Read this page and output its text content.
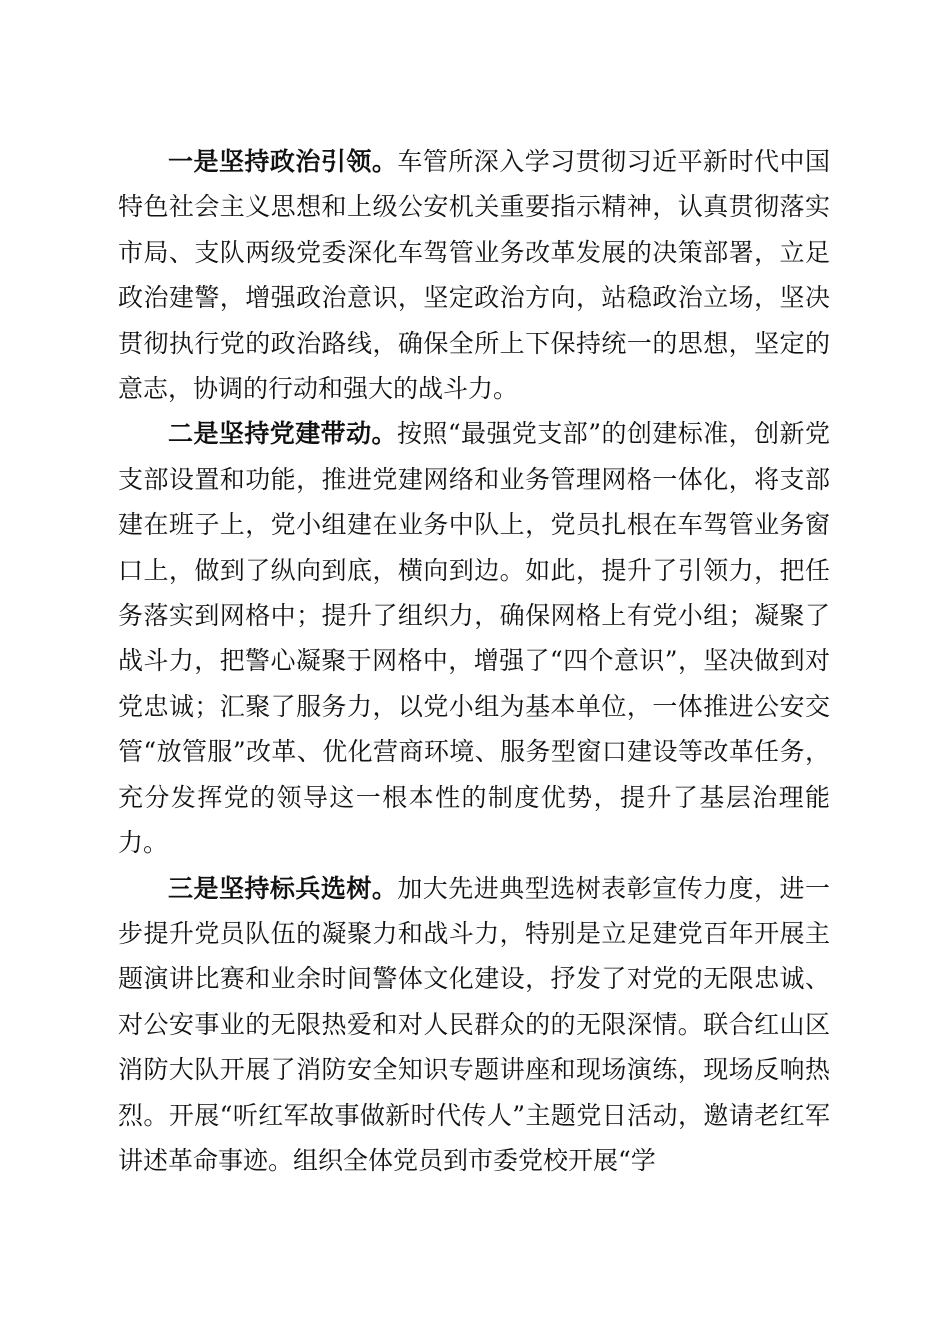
一是坚持政治引领。车管所深入学习贯彻习近平新时代中国特色社会主义思想和上级公安机关重要指示精神，认真贯彻落实市局、支队两级党委深化车驾管业务改革发展的决策部署，立足政治建警，增强政治意识，坚定政治方向，站稳政治立场，坚决贯彻执行党的政治路线，确保全所上下保持统一的思想，坚定的意志，协调的行动和强大的战斗力。

二是坚持党建带动。按照“最强党支部”的创建标准，创新党支部设置和功能，推进党建网络和业务管理网格一体化，将支部建在班子上，党小组建在业务中队上，党员扎根在车驾管业务窗口上，做到了纵向到底，横向到边。如此，提升了引领力，把任务落实到网格中；提升了组织力，确保网格上有党小组；凝聚了战斗力，把警心凝聚于网格中，增强了“四个意识”，坚决做到对党忠诚；汇聚了服务力，以党小组为基本单位，一体推进公安交管“放管服”改革、优化营商环境、服务型窗口建设等改革任务，充分发挥党的领导这一根本性的制度优势，提升了基层治理能力。

三是坚持标兵选树。加大先进典型选树表彰宣传力度，进一步提升党员队伍的凝聚力和战斗力，特别是立足建党百年开展主题演讲比赛和业余时间警体文化建设，抒发了对党的无限忠诚、对公安事业的无限热爱和对人民群众的的无限深情。联合红山区消防大队开展了消防安全知识专题讲座和现场演练，现场反响热烈。开展“听红军故事做新时代传人”主题党日活动，邀请老红军讲述革命事迹。组织全体党员到市委党校开展“学
